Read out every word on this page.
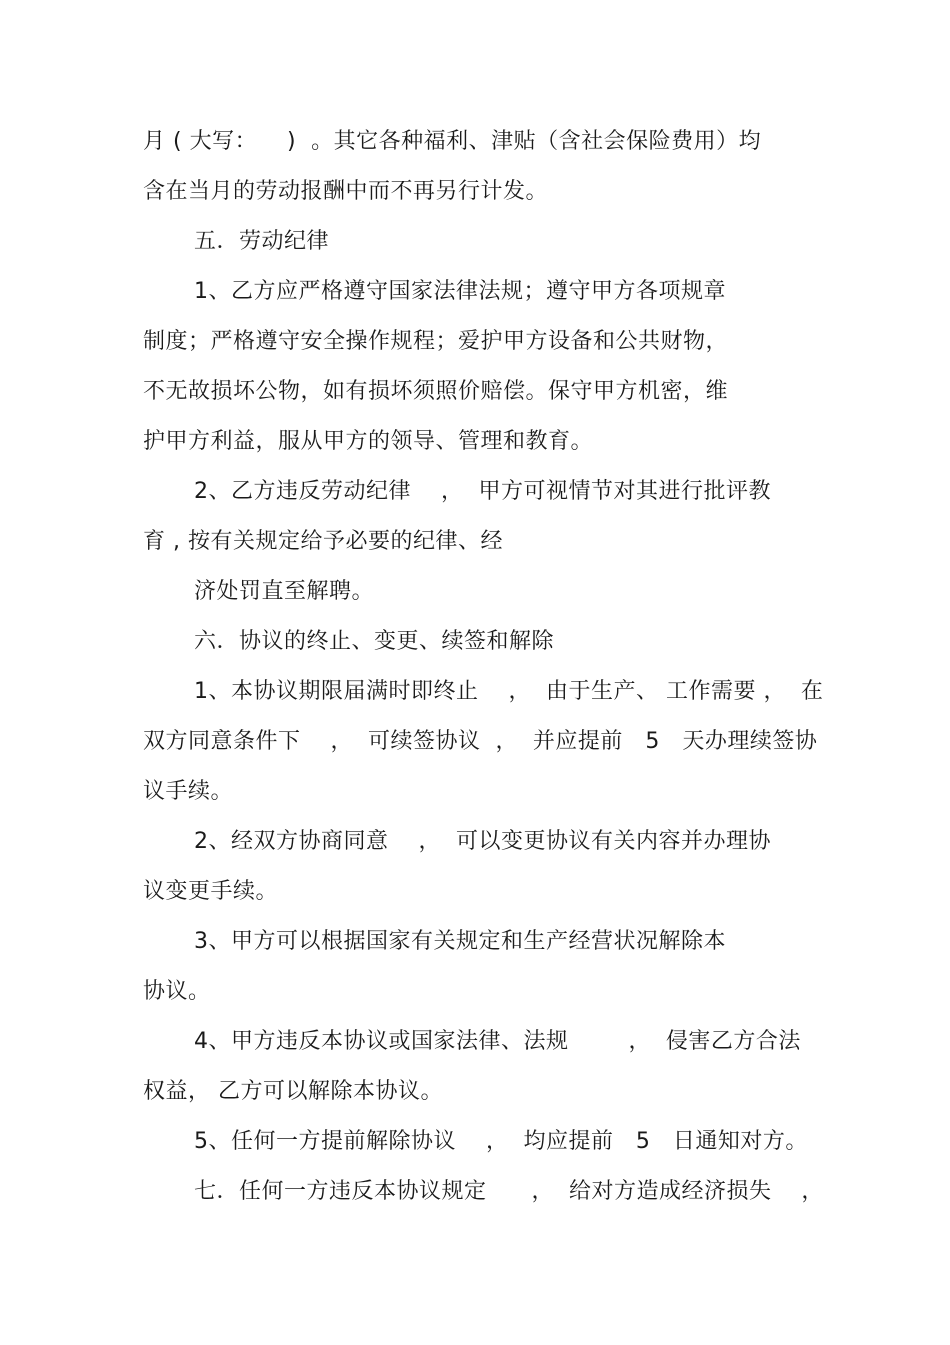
月 ( 大写：    )  。其它各种福利、津贴（含社会保险费用）均
含在当月的劳动报酬中而不再另行计发。
五．劳动纪律
1、乙方应严格遵守国家法律法规；遵守甲方各项规章
制度；严格遵守安全操作规程；爱护甲方设备和公共财物，
不无故损坏公物，如有损坏须照价赔偿。保守甲方机密，维
护甲方利益，服从甲方的领导、管理和教育。
2、乙方违反劳动纪律    ，  甲方可视情节对其进行批评教
育 , 按有关规定给予必要的纪律、经
济处罚直至解聘。
六．协议的终止、变更、续签和解除
1、本协议期限届满时即终止    ，  由于生产、 工作需要 ，  在
双方同意条件下    ，  可续签协议  ，  并应提前   5   天办理续签协
议手续。
2、经双方协商同意    ，  可以变更协议有关内容并办理协
议变更手续。
3、甲方可以根据国家有关规定和生产经营状况解除本
协议。
4、甲方违反本协议或国家法律、法规        ，  侵害乙方合法
权益， 乙方可以解除本协议。
5、任何一方提前解除协议    ，  均应提前   5   日通知对方。
七．任何一方违反本协议规定      ，  给对方造成经济损失    ，
